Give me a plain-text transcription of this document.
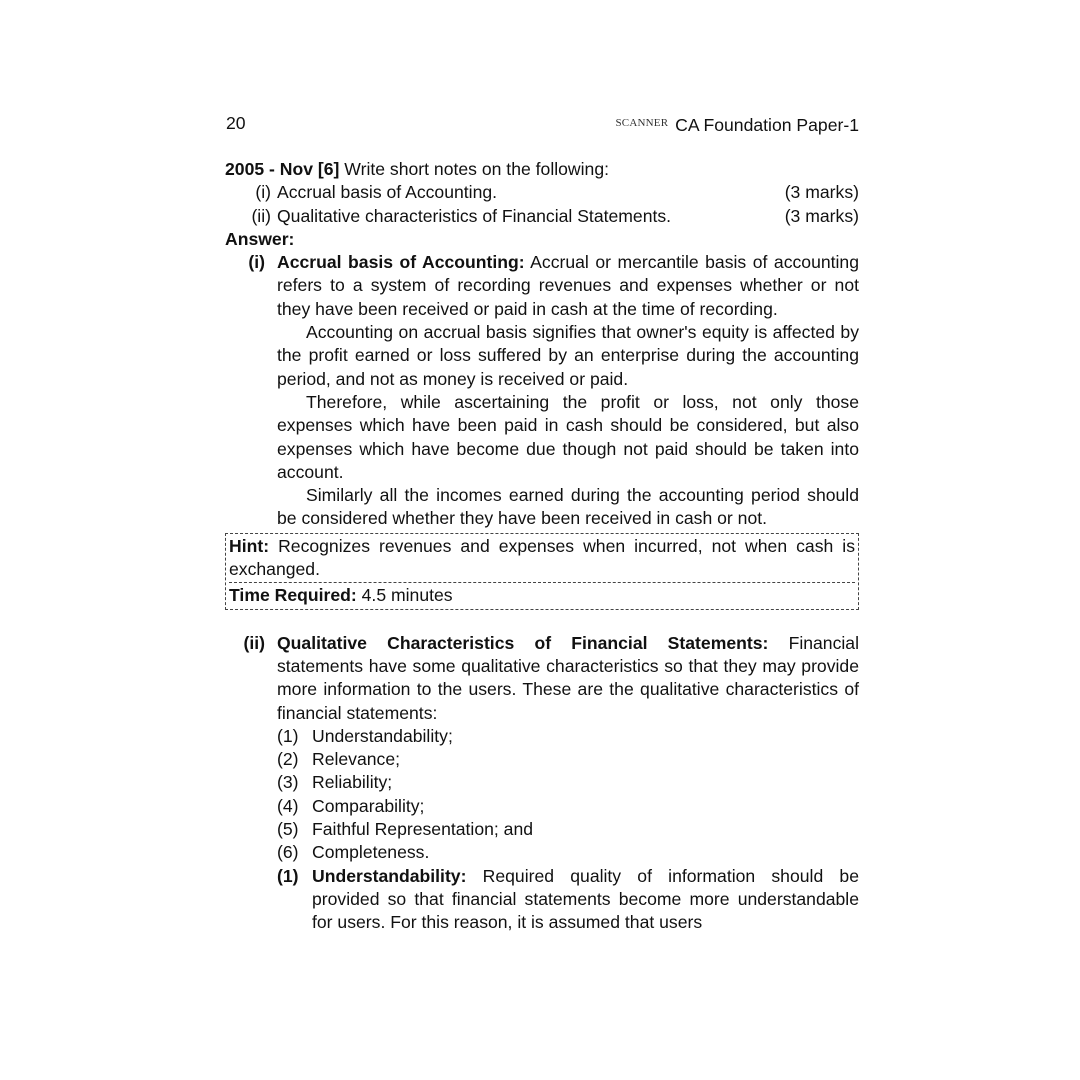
20	$^{SCANNER}$ CA Foundation Paper-1

2005 - Nov [6] Write short notes on the following:

(i) Accrual basis of Accounting.	(3 marks)
(ii) Qualitative characteristics of Financial Statements.	(3 marks)
Answer:
(i) Accrual basis of Accounting: Accrual or mercantile basis of accounting refers to a system of recording revenues and expenses whether or not they have been received or paid in cash at the time of recording.

Accounting on accrual basis signifies that owner's equity is affected by the profit earned or loss suffered by an enterprise during the accounting period, and not as money is received or paid.

Therefore, while ascertaining the profit or loss, not only those expenses which have been paid in cash should be considered, but also expenses which have become due though not paid should be taken into account.

Similarly all the incomes earned during the accounting period should be considered whether they have been received in cash or not.

Hint: Recognizes revenues and expenses when incurred, not when cash is exchanged.
Time Required: 4.5 minutes
(ii) Qualitative Characteristics of Financial Statements: Financial statements have some qualitative characteristics so that they may provide more information to the users. These are the qualitative characteristics of financial statements:

(1) Understandability;
(2) Relevance;
(3) Reliability;
(4) Comparability;
(5) Faithful Representation; and
(6) Completeness.
(1) Understandability: Required quality of information should be provided so that financial statements become more understandable for users. For this reason, it is assumed that users
